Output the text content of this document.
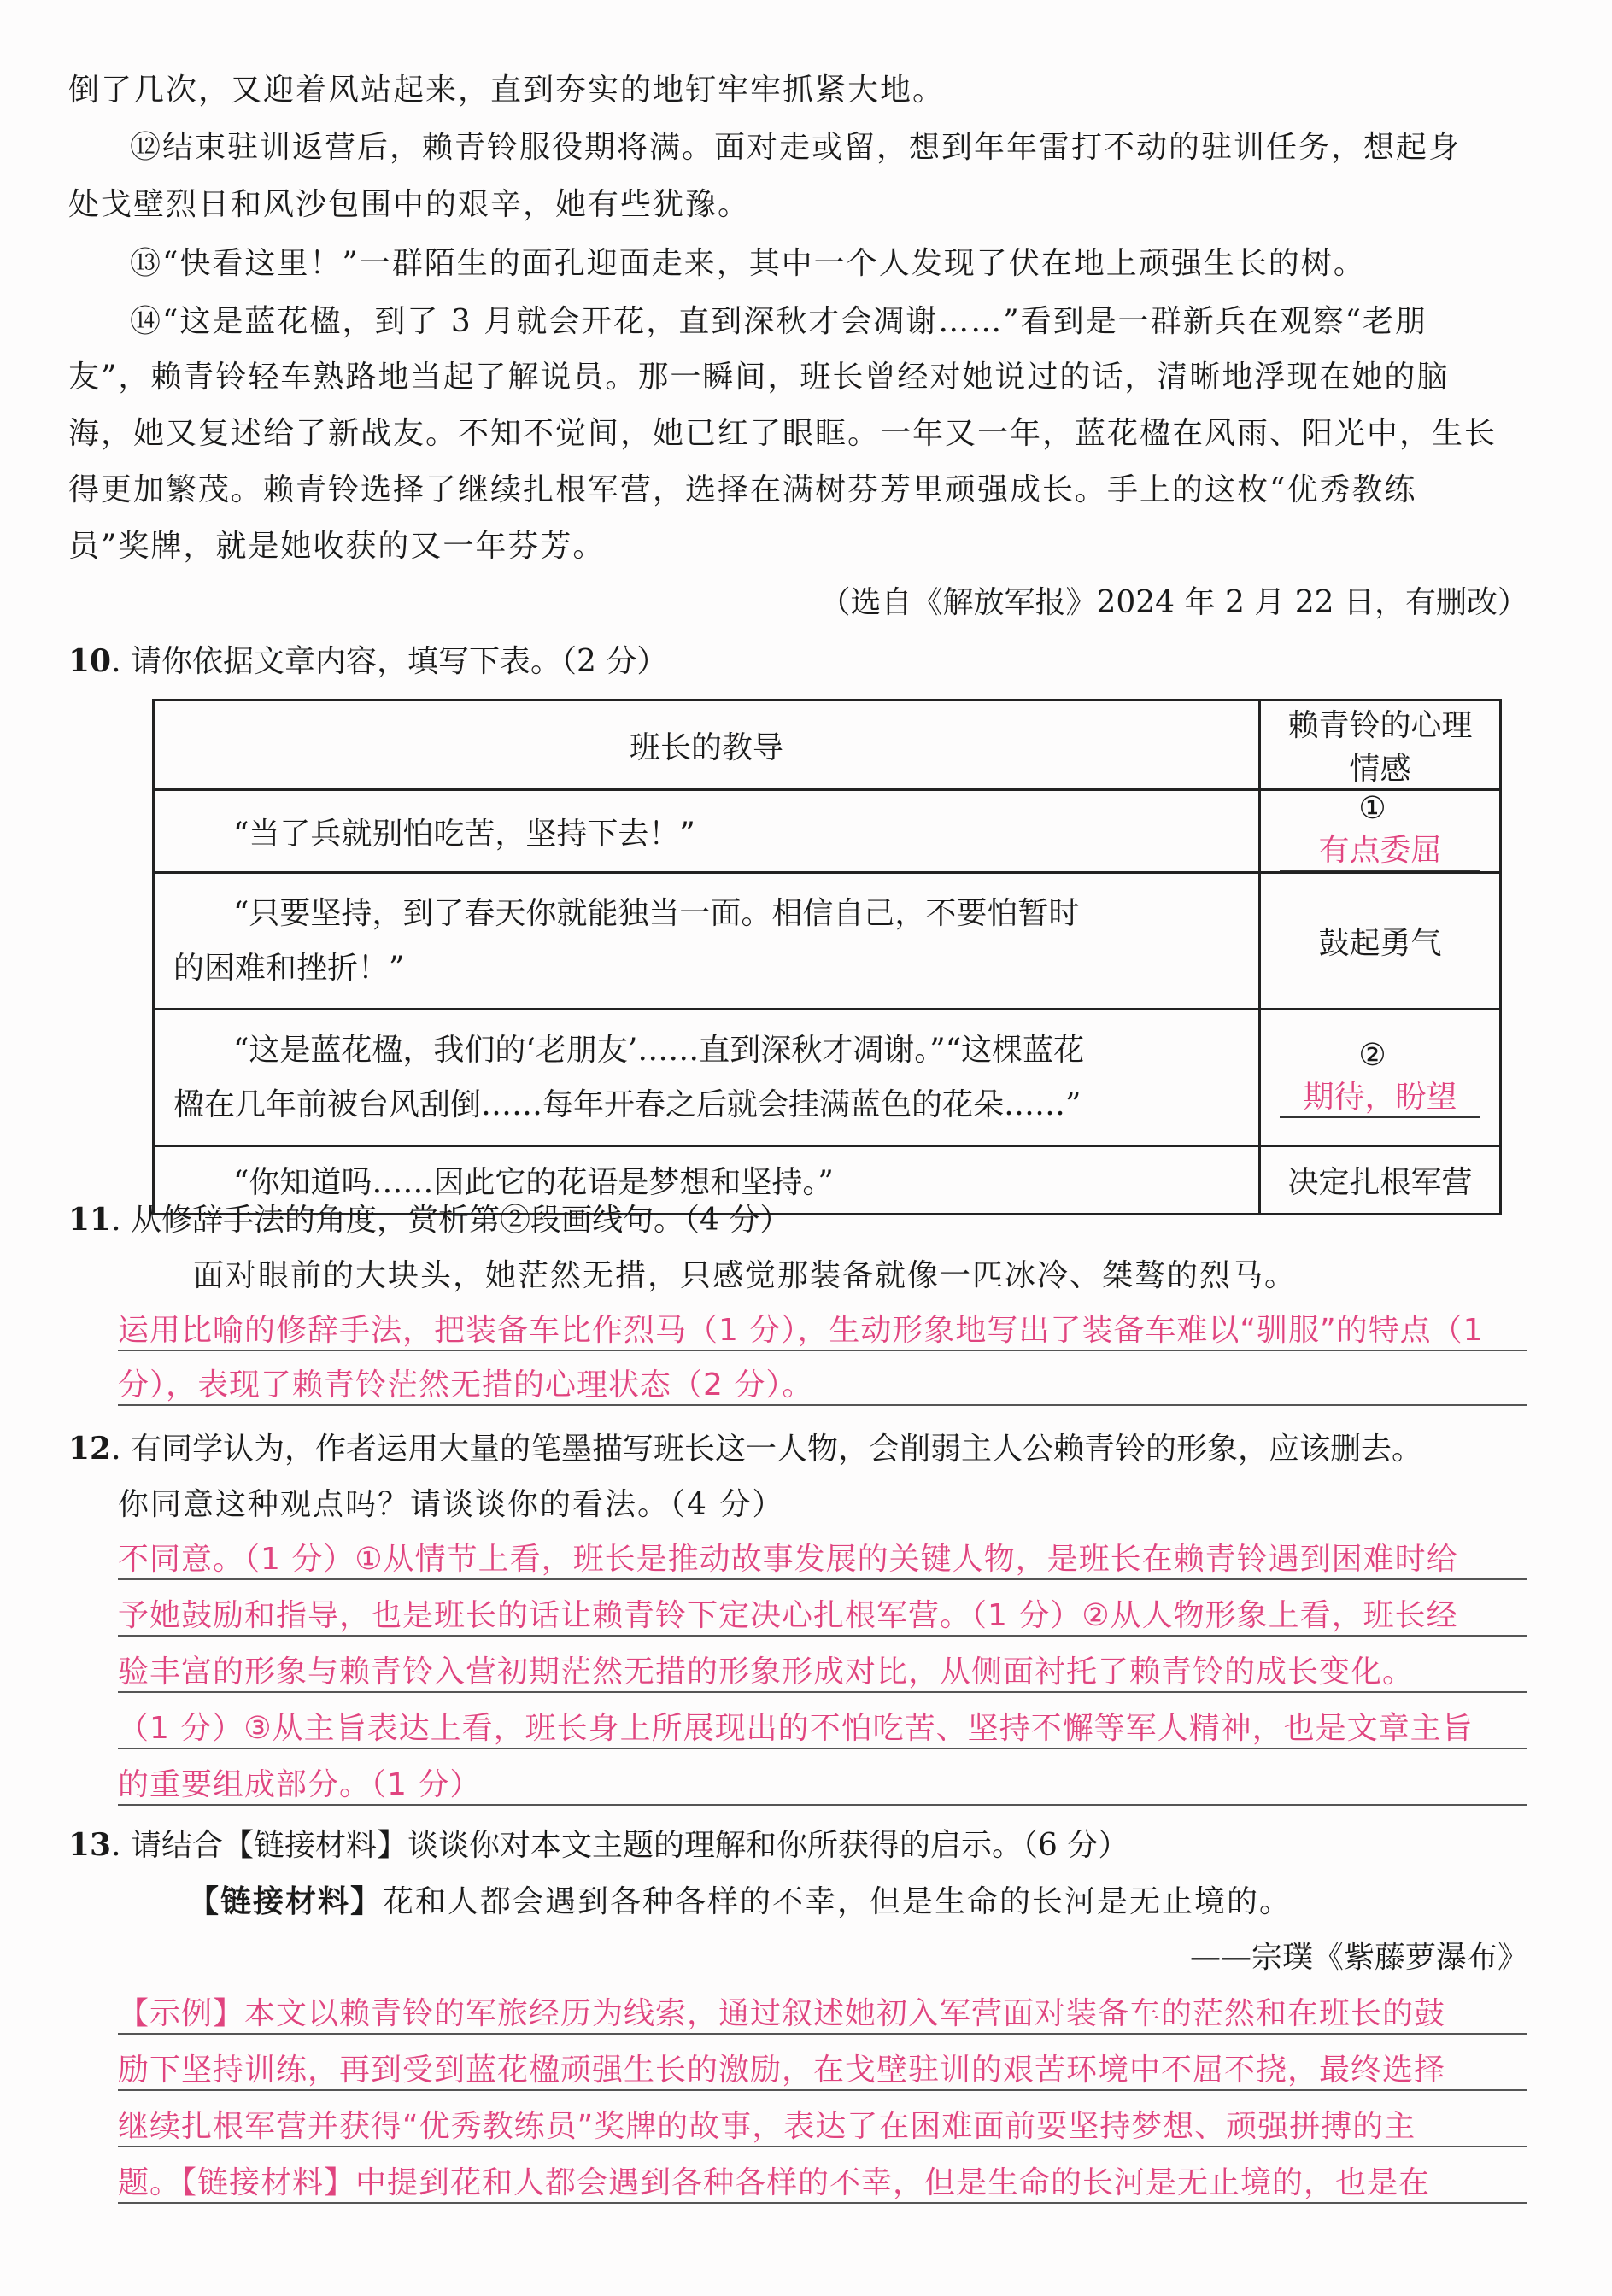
倒了几次，又迎着风站起来，直到夯实的地钉牢牢抓紧大地。
⑫结束驻训返营后，赖青铃服役期将满。面对走或留，想到年年雷打不动的驻训任务，想起身
处戈壁烈日和风沙包围中的艰辛，她有些犹豫。
⑬“快看这里！”一群陌生的面孔迎面走来，其中一个人发现了伏在地上顽强生长的树。
⑭“这是蓝花楹，到了 3 月就会开花，直到深秋才会凋谢……”看到是一群新兵在观察“老朋
友”，赖青铃轻车熟路地当起了解说员。那一瞬间，班长曾经对她说过的话，清晰地浮现在她的脑
海，她又复述给了新战友。不知不觉间，她已红了眼眶。一年又一年，蓝花楹在风雨、阳光中，生长
得更加繁茂。赖青铃选择了继续扎根军营，选择在满树芬芳里顽强成长。手上的这枚“优秀教练
员”奖牌，就是她收获的又一年芬芳。
（选自《解放军报》2024 年 2 月 22 日，有删改）
10. 请你依据文章内容，填写下表。（2 分）
班长的教导	赖青铃的心理情感
“当了兵就别怕吃苦，坚持下去！”	①有点委屈

“只要坚持，到了春天你就能独当一面。相信自己，不要怕暂时
的困难和挫折！”	鼓起勇气

“这是蓝花楹，我们的‘老朋友’……直到深秋才凋谢。”“这棵蓝花
楹在几年前被台风刮倒……每年开春之后就会挂满蓝色的花朵……”	②期待，盼望
“你知道吗……因此它的花语是梦想和坚持。”	决定扎根军营
11. 从修辞手法的角度，赏析第②段画线句。（4 分）
面对眼前的大块头，她茫然无措，只感觉那装备就像一匹冰冷、桀骜的烈马。
运用比喻的修辞手法，把装备车比作烈马（1 分），生动形象地写出了装备车难以“驯服”的特点（1
分），表现了赖青铃茫然无措的心理状态（2 分）。
12. 有同学认为，作者运用大量的笔墨描写班长这一人物，会削弱主人公赖青铃的形象，应该删去。
你同意这种观点吗？请谈谈你的看法。（4 分）
不同意。（1 分）①从情节上看，班长是推动故事发展的关键人物，是班长在赖青铃遇到困难时给
予她鼓励和指导，也是班长的话让赖青铃下定决心扎根军营。（1 分）②从人物形象上看，班长经
验丰富的形象与赖青铃入营初期茫然无措的形象形成对比，从侧面衬托了赖青铃的成长变化。
（1 分）③从主旨表达上看，班长身上所展现出的不怕吃苦、坚持不懈等军人精神，也是文章主旨
的重要组成部分。（1 分）
13. 请结合【链接材料】谈谈你对本文主题的理解和你所获得的启示。（6 分）
【链接材料】花和人都会遇到各种各样的不幸，但是生命的长河是无止境的。
——宗璞《紫藤萝瀑布》
【示例】本文以赖青铃的军旅经历为线索，通过叙述她初入军营面对装备车的茫然和在班长的鼓
励下坚持训练，再到受到蓝花楹顽强生长的激励，在戈壁驻训的艰苦环境中不屈不挠，最终选择
继续扎根军营并获得“优秀教练员”奖牌的故事，表达了在困难面前要坚持梦想、顽强拼搏的主
题。【链接材料】中提到花和人都会遇到各种各样的不幸，但是生命的长河是无止境的，也是在
